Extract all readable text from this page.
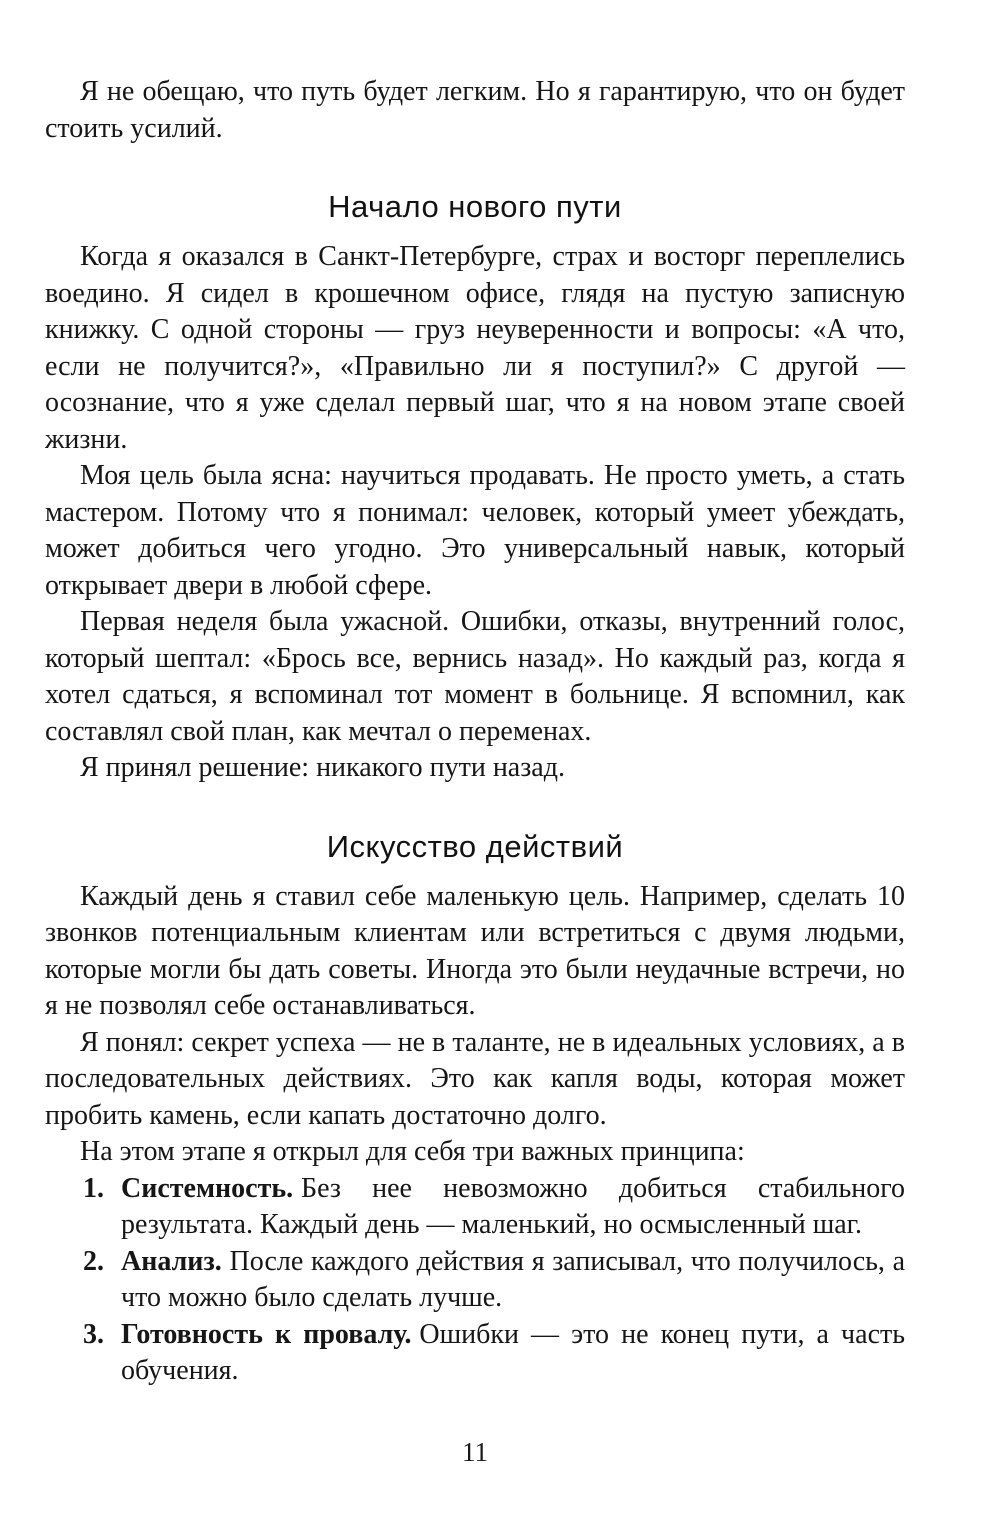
Я не обещаю, что путь будет легким. Но я гарантирую, что он будет стоить усилий.

Начало нового пути

Когда я оказался в Санкт-Петербурге, страх и восторг переплелись воедино. Я сидел в крошечном офисе, глядя на пустую записную книжку. С одной стороны — груз неуверенности и вопросы: «А что, если не получится?», «Правильно ли я поступил?» С другой — осознание, что я уже сделал первый шаг, что я на новом этапе своей жизни.

Моя цель была ясна: научиться продавать. Не просто уметь, а стать мастером. Потому что я понимал: человек, который умеет убеждать, может добиться чего угодно. Это универсальный навык, который открывает двери в любой сфере.

Первая неделя была ужасной. Ошибки, отказы, внутренний голос, который шептал: «Брось все, вернись назад». Но каждый раз, когда я хотел сдаться, я вспоминал тот момент в больнице. Я вспомнил, как составлял свой план, как мечтал о переменах.

Я принял решение: никакого пути назад.

Искусство действий

Каждый день я ставил себе маленькую цель. Например, сделать 10 звонков потенциальным клиентам или встретиться с двумя людьми, которые могли бы дать советы. Иногда это были неудачные встречи, но я не позволял себе останавливаться.

Я понял: секрет успеха — не в таланте, не в идеальных условиях, а в последовательных действиях. Это как капля воды, которая может пробить камень, если капать достаточно долго.

На этом этапе я открыл для себя три важных принципа:

1. Системность. Без нее невозможно добиться стабильного результата. Каждый день — маленький, но осмысленный шаг.
2. Анализ. После каждого действия я записывал, что получилось, а что можно было сделать лучше.
3. Готовность к провалу. Ошибки — это не конец пути, а часть обучения.
11
